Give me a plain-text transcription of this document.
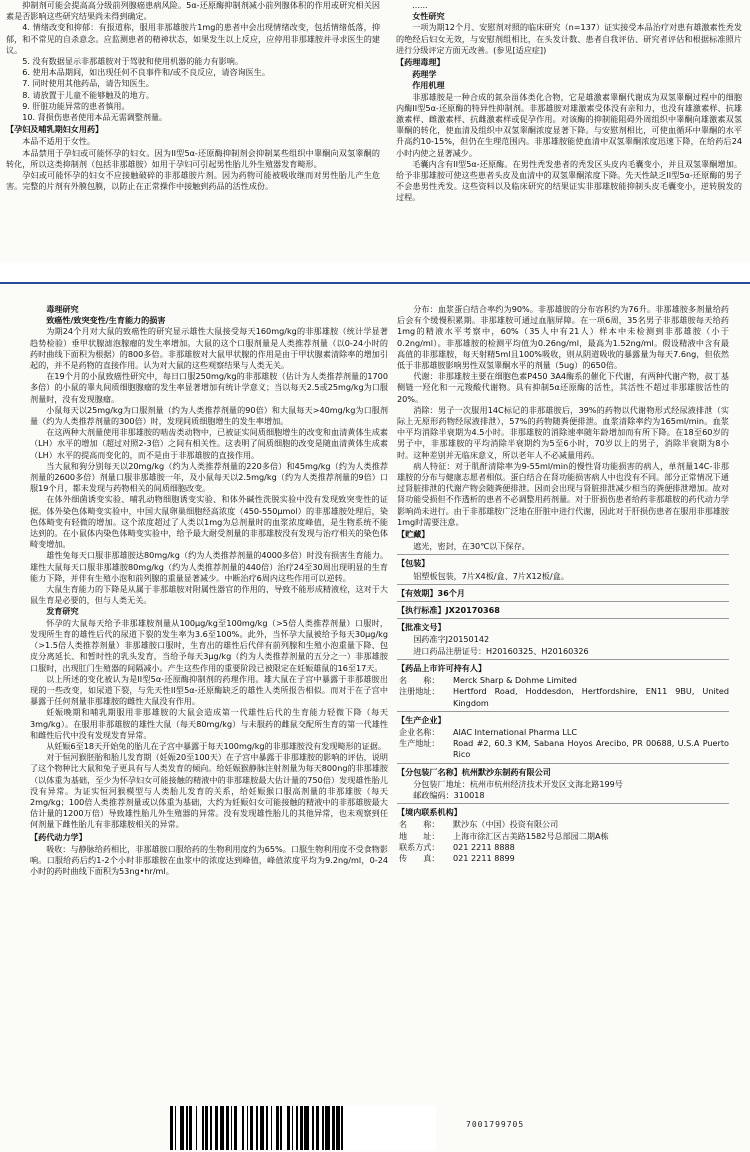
抑制剂可能会提高高分级前列腺癌患病风险。5α-还原酶抑制剂减小前列腺体积的作用或研究相关因素是否影响这些研究结果尚未得到确定。

4. 情绪改变和抑郁：有报道称，服用非那雄胺片1mg的患者中会出现情绪改变，包括情绪低落，抑郁，和不常见的自杀意念。应监测患者的精神状态，如果发生以上反应，应停用非那雄胺并寻求医生的建议。

5. 没有数据显示非那雄胺对于驾驶和使用机器的能力有影响。

6. 使用本品期间，如出现任何不良事件和/或不良反应，请咨询医生。

7. 同时使用其他药品，请告知医生。

8. 请放置于儿童不能够触及的地方。

9. 肝脏功能异常的患者慎用。

10. 肾损伤患者使用本品无需调整剂量。

【孕妇及哺乳期妇女用药】

本品不适用于女性。

本品禁用于孕妇或可能怀孕的妇女。因为II型5α-还原酶抑制剂会抑制某些组织中睾酮向双氢睾酮的转化，所以这类抑制剂（包括非那雄胺）如用于孕妇可引起男性胎儿外生殖器发育畸形。

孕妇或可能怀孕的妇女不应接触破碎的非那雄胺片剂。因为药物可能被吸收继而对男性胎儿产生危害。完整的片剂有外膜包膜，以防止在正常操作中接触到药品的活性成份。

......

女性研究

一项为期12个月、安慰剂对照的临床研究（n=137）证实接受本品治疗对患有雄激素性秃发的绝经后妇女无效，与安慰剂组相比，在头发计数、患者自我评估、研究者评估和根据标准照片进行分级评定方面无改善。(参见[适应症])

【药理毒理】

药理学

作用机理

非那雄胺是一种合成的氮杂甾体类化合物，它是雄激素睾酮代谢成为双氢睾酮过程中的细胞内酶II型5α-还原酶的特异性抑制剂。非那雄胺对雄激素受体没有亲和力，也没有雄激素样、抗雄激素样、雌激素样、抗雌激素样或促孕作用。对该酶的抑制能阻碍外周组织中睾酮向雄激素双氢睾酮的转化，使血清及组织中双氢睾酮浓度显著下降。与安慰剂相比，可使血循环中睾酮的水平升高约10-15%，但仍在生理范围内。非那雄胺能使血清中双氢睾酮浓度迅速下降，在给药后24小时内使之显著减少。

毛囊内含有II型5α-还原酶。在男性秃发患者的秃发区头皮内毛囊变小，并且双氢睾酮增加。给予非那雄胺可使这些患者头皮及血清中的双氢睾酮浓度下降。先天性缺乏II型5α-还原酶的男子不会患男性秃发。这些资料以及临床研究的结果证实非那雄胺能抑制头皮毛囊变小，逆转脱发的过程。

毒理研究

致癌性/致突变性/生育能力的损害

为期24个月对大鼠的致癌性的研究显示雄性大鼠接受每天160mg/kg的非那雄胺（统计学显著趋势检验）垂甲状腺滤泡腺瘤的发生率增加。大鼠的这个口服剂量是人类推荐剂量（以0-24小时的药时曲线下面积为根据）的800多倍。非那雄胺对大鼠甲状腺的作用是由于甲状腺素清除率的增加引起的，并不是药物的直接作用。认为对大鼠的这些观察结果与人类无关。

在19个月的小鼠致癌性研究中，每日口服250mg/kg的非那雄胺（估计为人类推荐剂量的1700多倍）的小鼠的睾丸间质细胞腺瘤的发生率显著增加有统计学意义；当以每天2.5或25mg/kg为口服剂量时，没有发现腺瘤。

小鼠每天以25mg/kg为口服剂量（约为人类推荐剂量的90倍）和大鼠每天>40mg/kg为口服剂量（约为人类推荐剂量的300倍）时，发现间质细胞增生的发生率增加。

在这两种大剂量使用非那雄胺的啮齿类动物中，已被证实间质细胞增生的改变和血清黄体生成素（LH）水平的增加（超过对照2-3倍）之间有相关性。这表明了间质细胞的改变是随血清黄体生成素（LH）水平的提高而变化的，而不是由于非那雄胺的直接作用。

当大鼠和狗分别每天以20mg/kg（约为人类推荐剂量的220多倍）和45mg/kg（约为人类推荐剂量的2600多倍）剂量口服非那雄胺一年，及小鼠每天以2.5mg/kg（约为人类推荐剂量的9倍）口服19个月，都未发现与药物相关的间质细胞改变。

在体外细菌诱变实验、哺乳动物细胞诱变实验、和体外碱性洗脱实验中没有发现致突变性的证据。体外染色体畸变实验中，中国大鼠卵巢细胞经高浓度（450-550μmol）的非那雄胺处理后，染色体畸变有轻微的增加。这个浓度超过了人类以1mg为总剂量时的血浆浓度峰值，是生物系统不能达到的。在小鼠体内染色体畸变实验中，给予最大耐受剂量的非那雄胺没有发现与治疗相关的染色体畸变增加。

雄性兔每天口服非那雄胺达80mg/kg（约为人类推荐剂量的4000多倍）时没有损害生育能力。雄性大鼠每天口服非那雄胺80mg/kg（约为人类推荐剂量的440倍）治疗24至30周出现明显的生育能力下降，并伴有生殖小泡和前列腺的重量显著减少。中断治疗6周内这些作用可以逆转。

大鼠生育能力的下降是从属于非那雄胺对附属性器官的作用的，导致不能形成精液栓，这对于大鼠生育是必要的，但与人类无关。

发育研究

怀孕的大鼠每天给予非那雄胺剂量从100μg/kg至100mg/kg（>5倍人类推荐剂量）口服时，发现所生育的雄性后代的尿道下裂的发生率为3.6至100%。此外，当怀孕大鼠被给予每天30μg/kg（>1.5倍人类推荐剂量）非那雄胺口服时，生育出的雄性后代伴有前列腺和生殖小泡重量下降、包皮分离延长、和暂时性的乳头发育，当给予每天3μg/kg（约为人类推荐剂量的五分之一）非那雄胺口服时，出现肛门生殖器的间隔减小。产生这些作用的重要阶段已被限定在妊娠雄鼠的16至17天。

以上所述的变化被认为是II型5α-还原酶抑制剂的药理作用。雄大鼠在子宫中暴露于非那雄胺出现的一些改变，如尿道下裂，与先天性II型5α-还原酶缺乏的雄性人类所报告相似。而对于在子宫中暴露于任何剂量非那雄胺的雌性大鼠没有作用。

妊娠晚期和哺乳期服用非那雄胺的大鼠会造成第一代雄性后代的生育能力轻微下降（每天3mg/kg）。在服用非那雄胺的雄性大鼠（每天80mg/kg）与未服药的雌鼠交配所生育的第一代雄性和雌性后代中没有发现发育异常。

从妊娠6至18天开始兔的胎儿在子宫中暴露于每天100mg/kg的非那雄胺没有发现畸形的证据。

对于恒河猴胚胎和胎儿发育期（妊娠20至100天）在子宫中暴露于非那雄胺的影响的评估，说明了这个物种比大鼠和兔子更具有与人类发育的倾向。给妊娠猴静脉注射剂量为每天800ng的非那雄胺（以体重为基础，至少为怀孕妇女可能接触的精液中的非那雄胺最大估计量的750倍）发现雄性胎儿没有异常。为证实恒河猴模型与人类胎儿发育的关系，给妊娠猴口服高剂量的非那雄胺（每天2mg/kg；100倍人类推荐剂量或以体重为基础，大约为妊娠妇女可能接触的精液中的非那雄胺最大估计量的1200万倍）导致雄性胎儿外生殖器的异常。没有发现雄性胎儿的其他异常，也未观察到任何剂量下雌性胎儿有非那雄胺相关的异常。

【药代动力学】

吸收：与静脉给药相比，非那雄胺口服给药的生物利用度约为65%。口服生物利用度不受食物影响。口服给药后约1-2个小时非那雄胺在血浆中的浓度达到峰值，峰值浓度平均为9.2ng/ml，0-24小时的药时曲线下面积为53ng•hr/ml。

分布：血浆蛋白结合率约为90%。非那雄胺的分布容积约为76升。非那雄胺多剂量给药后会有个缓慢积累期。非那雄胺可通过血脑屏障。在一项6周，35名男子非那雄胺每天给药1mg的精液水平考察中，60%（35人中有21人）样本中未检测到非那雄胺（小于0.2ng/ml）。非那雄胺的检测平均值为0.26ng/ml，最高为1.52ng/ml。假设精液中含有最高值的非那雄胺，每天射精5ml且100%吸收，则从阴道吸收的暴露量为每天7.6ng，但依然低于非那雄胺影响男性双氢睾酮水平的剂量（5ug）的650倍。

代谢：非那雄胺主要在细胞色素P450 3A4酶系的催化下代谢，有两种代谢产物，叔丁基侧链一羟化和一元羧酸代谢物。具有抑制5α还原酶的活性，其活性不超过非那雄胺活性的20%。

消除：男子一次服用14C标记的非那雄胺后，39%的药物以代谢物形式经尿液排泄（实际上无原形药物经尿液排泄），57%的药物随粪便排泄。血浆清除率约为165ml/min。血浆中平均消除半衰期为4.5小时。非那雄胺的消除速率随年龄增加而有所下降。在18至60岁的男子中，非那雄胺的平均消除半衰期约为5至6小时，70岁以上的男子，消除半衰期为8小时。这种差别并无临床意义，所以老年人不必减量用药。

病人特征：对于肌酐清除率为9-55ml/min的慢性肾功能损害的病人，单剂量14C-非那雄胺的分布与健康志愿者相似。蛋白结合在肾功能损害病人中也没有不同。部分正常情况下通过肾脏排泄的代谢产物会随粪便排泄。因而会出现与肾脏排泄减少相当的粪便排泄增加。故对肾功能受损但不作透析的患者不必调整用药剂量。对于肝损伤患者给药非那雄胺的药代动力学影响尚未进行。由于非那雄胺广泛地在肝脏中进行代谢，因此对于肝损伤患者在服用非那雄胺1mg时需要注意。

【贮藏】

遮光，密封，在30℃以下保存。

【包装】

铝塑板包装，7片X4板/盒、7片X12板/盒。

【有效期】36个月

【执行标准】JX20170368

【批准文号】

国药准字J20150142

进口药品注册证号：H20160325、H20160326

【药品上市许可持有人】

名　　称：	Merck Sharp & Dohme Limited
注册地址：	Hertford Road, Hoddesdon, Hertfordshire, EN11 9BU, United Kingdom

【生产企业】

企业名称：	AIAC International Pharma LLC
生产地址：	Road #2, 60.3 KM, Sabana Hoyos Arecibo, PR 00688, U.S.A Puerto Rico

【分包装厂名称】杭州默沙东制药有限公司

分包装厂地址：杭州市杭州经济技术开发区文海北路199号

邮政编码：310018

【境内联系机构】

名　　称：	默沙东（中国）投资有限公司
地　　址：	上海市徐汇区古美路1582号总部园二期A栋
联系方式：	021 2211 8888
传　　真：	021 2211 8899
7001799705
